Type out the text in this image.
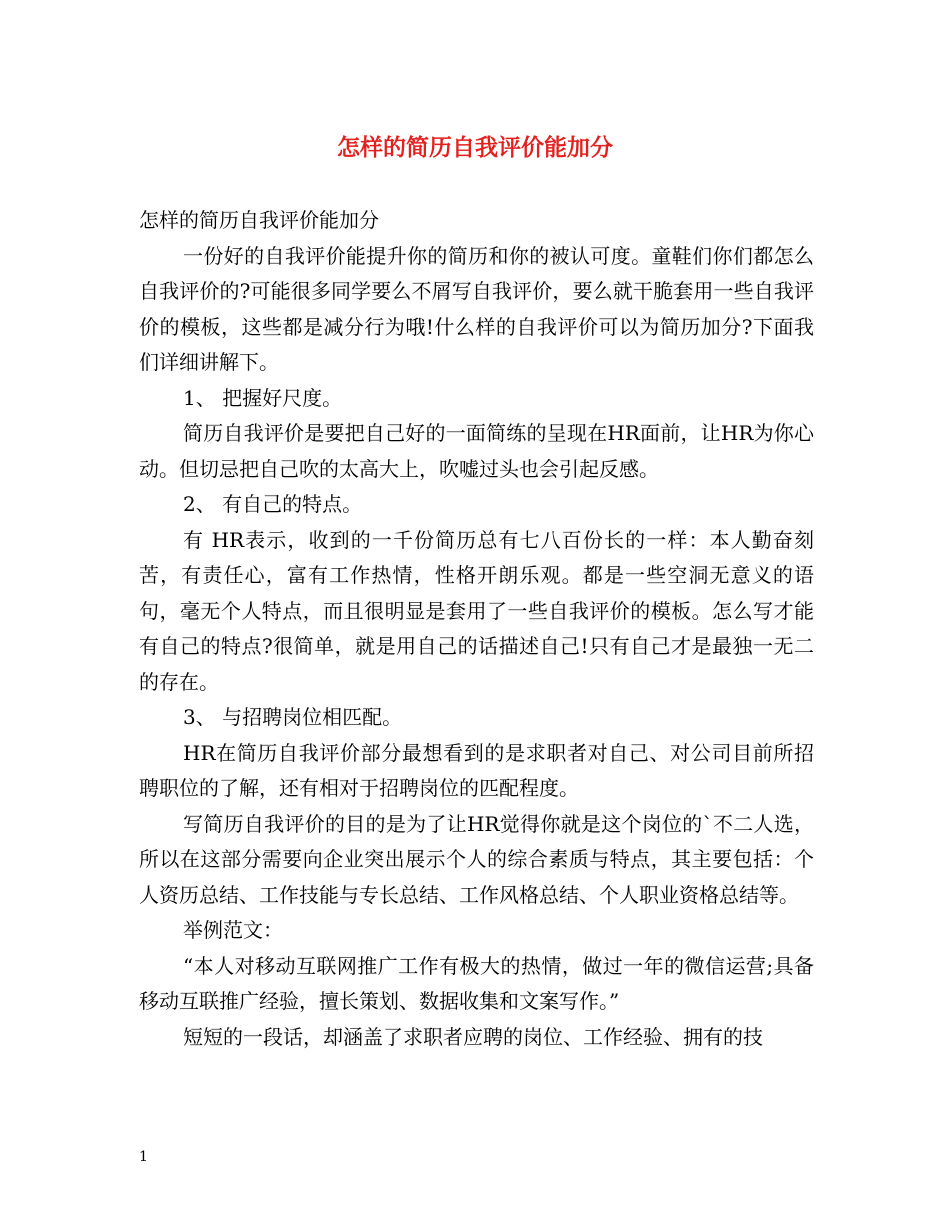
怎样的简历自我评价能加分

怎样的简历自我评价能加分

一份好的自我评价能提升你的简历和你的被认可度。童鞋们你们都怎么自我评价的?可能很多同学要么不屑写自我评价，要么就干脆套用一些自我评价的模板，这些都是减分行为哦!什么样的自我评价可以为简历加分?下面我们详细讲解下。

1、 把握好尺度。

简历自我评价是要把自己好的一面简练的呈现在HR面前，让HR为你心动。但切忌把自己吹的太高大上，吹嘘过头也会引起反感。

2、 有自己的特点。

有 HR表示，收到的一千份简历总有七八百份长的一样：本人勤奋刻苦，有责任心，富有工作热情，性格开朗乐观。都是一些空洞无意义的语句，毫无个人特点，而且很明显是套用了一些自我评价的模板。怎么写才能有自己的特点?很简单，就是用自己的话描述自己!只有自己才是最独一无二的存在。

3、 与招聘岗位相匹配。

HR在简历自我评价部分最想看到的是求职者对自己、对公司目前所招聘职位的了解，还有相对于招聘岗位的匹配程度。

写简历自我评价的目的是为了让HR觉得你就是这个岗位的`不二人选，所以在这部分需要向企业突出展示个人的综合素质与特点，其主要包括：个人资历总结、工作技能与专长总结、工作风格总结、个人职业资格总结等。

举例范文：

“本人对移动互联网推广工作有极大的热情，做过一年的微信运营;具备移动互联推广经验，擅长策划、数据收集和文案写作。”

短短的一段话，却涵盖了求职者应聘的岗位、工作经验、拥有的技

1
